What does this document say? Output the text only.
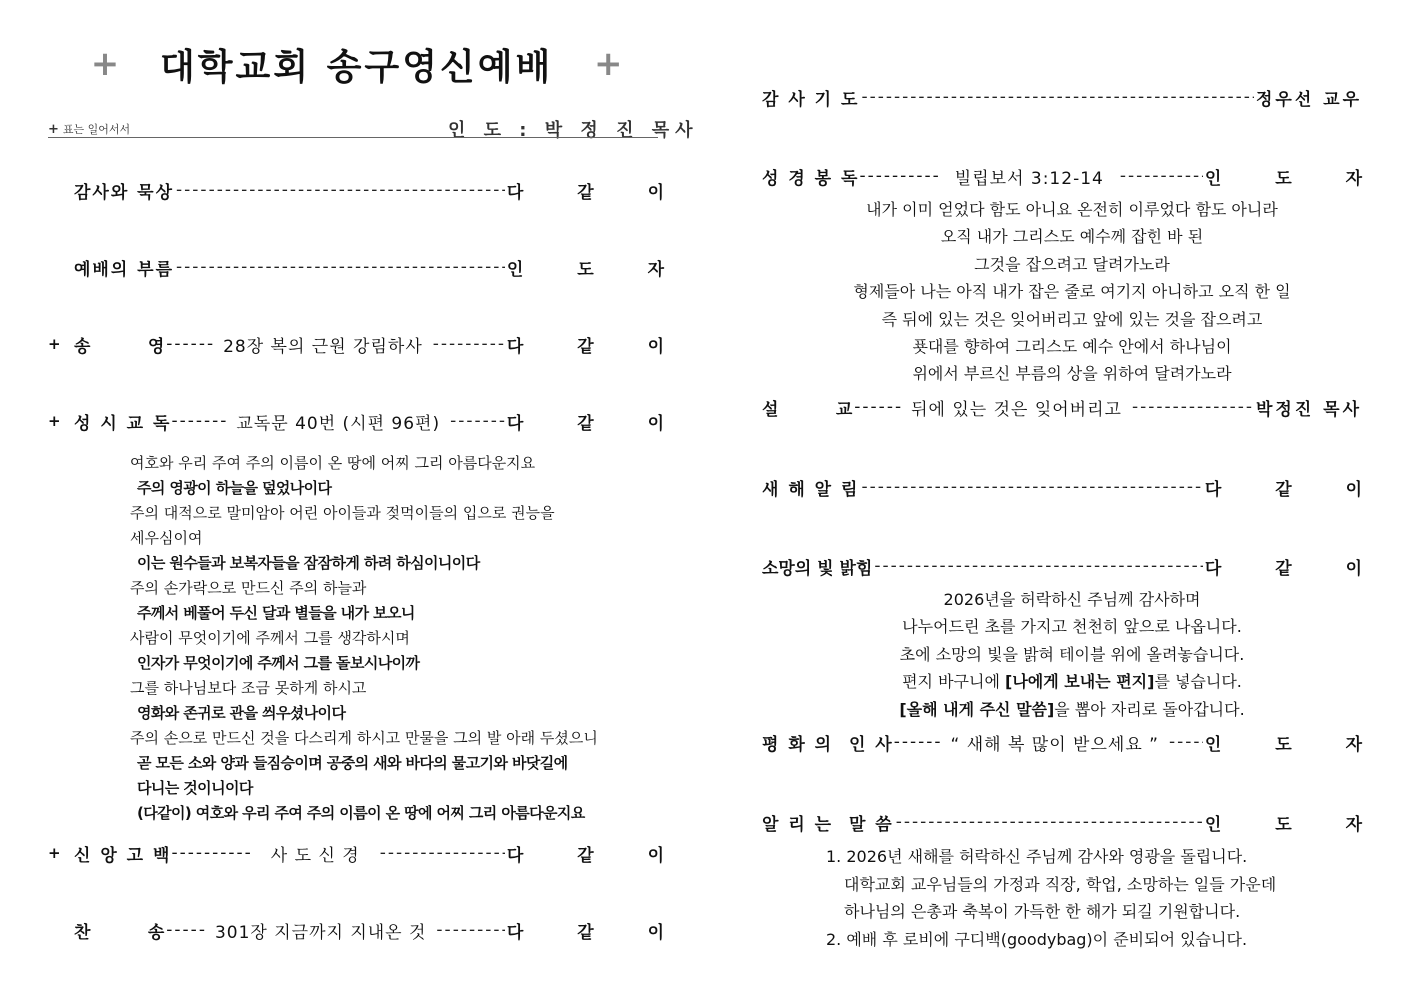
+ 대학교회 송구영신예배 +
+ 표는 일어서서	인 도 : 박 정 진 목사
감사와 묵상 -----	다 같 이
예배의 부름 -----	인 도 자
+ 송       영 ------ 28장 복의 근원 강림하사 -----	다 같 이
+ 성 시 교 독 ------- 교독문 40번 (시편 96편) -----	다 같 이
+ 신 앙 고 백 ----------	사 도 신 경 -----	다 같 이
찬       송 ----- 301장 지금까지 지내온 것 -----	다 같 이
여호와 우리 주여 주의 이름이 온 땅에 어찌 그리 아름다운지요
주의 영광이 하늘을 덮었나이다
주의 대적으로 말미암아 어린 아이들과 젖먹이들의 입으로 권능을
세우심이여
이는 원수들과 보복자들을 잠잠하게 하려 하심이니이다
주의 손가락으로 만드신 주의 하늘과
주께서 베풀어 두신 달과 별들을 내가 보오니
사람이 무엇이기에 주께서 그를 생각하시며
인자가 무엇이기에 주께서 그를 돌보시나이까
그를 하나님보다 조금 못하게 하시고
영화와 존귀로 관을 씌우셨나이다
주의 손으로 만드신 것을 다스리게 하시고 만물을 그의 발 아래 두셨으니
곧 모든 소와 양과 들짐승이며 공중의 새와 바다의 물고기와 바닷길에
다니는 것이니이다
(다같이) 여호와 우리 주여 주의 이름이 온 땅에 어찌 그리 아름다운지요
감 사 기 도 -----	정우선 교우
성 경 봉 독 ---------- 빌립보서 3:12-14 -----	인 도 자
설       교 ------ 뒤에 있는 것은 잊어버리고 -----	박정진 목사
새 해 알 림 -----	다 같 이
소망의 빛 밝힘 -----	다 같 이
평 화 의  인 사 ------ “ 새해 복 많이 받으세요 ” -----	인 도 자
알 리 는  말 씀 -----	인 도 자
내가 이미 얻었다 함도 아니요 온전히 이루었다 함도 아니라
오직 내가 그리스도 예수께 잡힌 바 된
그것을 잡으려고 달려가노라
형제들아 나는 아직 내가 잡은 줄로 여기지 아니하고 오직 한 일
즉 뒤에 있는 것은 잊어버리고 앞에 있는 것을 잡으려고
푯대를 향하여 그리스도 예수 안에서 하나님이
위에서 부르신 부름의 상을 위하여 달려가노라
2026년을 허락하신 주님께 감사하며
나누어드린 초를 가지고 천천히 앞으로 나옵니다.
초에 소망의 빛을 밝혀 테이블 위에 올려놓습니다.
편지 바구니에 [나에게 보내는 편지]를 넣습니다.
[올해 내게 주신 말씀]을 뽑아 자리로 돌아갑니다.
1. 2026년 새해를 허락하신 주님께 감사와 영광을 돌립니다.
대학교회 교우님들의 가정과 직장, 학업, 소망하는 일들 가운데
하나님의 은총과 축복이 가득한 한 해가 되길 기원합니다.
2. 예배 후 로비에 구디백(goodybag)이 준비되어 있습니다.
